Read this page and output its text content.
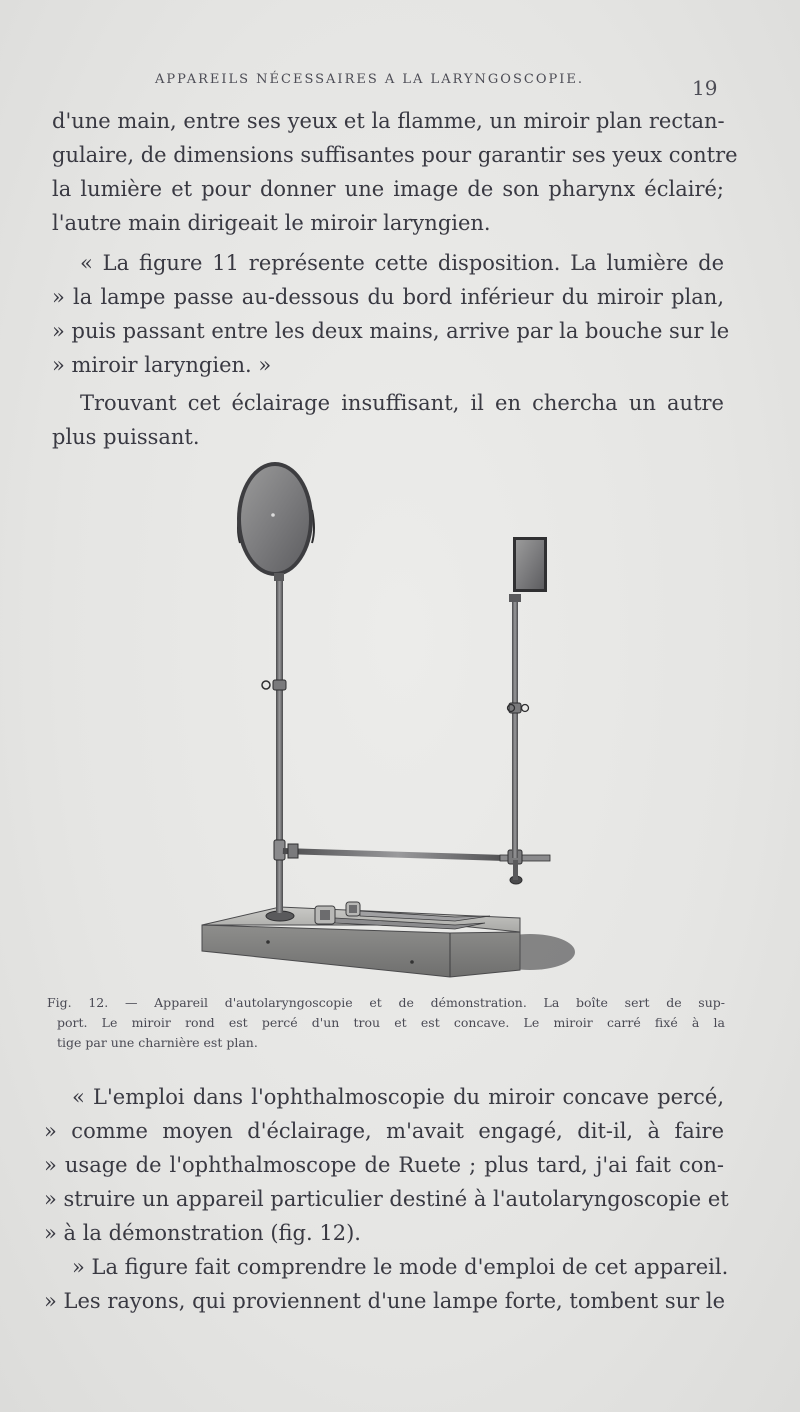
APPAREILS NÉCESSAIRES A LA LARYNGOSCOPIE.	19
d'une main, entre ses yeux et la flamme, un miroir plan rectan-
gulaire, de dimensions suffisantes pour garantir ses yeux contre
la lumière et pour donner une image de son pharynx éclairé;
l'autre main dirigeait le miroir laryngien.
« La figure 11 représente cette disposition. La lumière de
» la lampe passe au-dessous du bord inférieur du miroir plan,
» puis passant entre les deux mains, arrive par la bouche sur le
» miroir laryngien. »
Trouvant cet éclairage insuffisant, il en chercha un autre
plus puissant.
Fig. 12. — Appareil d'autolaryngoscopie et de démonstration. La boîte sert de sup-
port. Le miroir rond est percé d'un trou et est concave. Le miroir carré fixé à la
tige par une charnière est plan.
« L'emploi dans l'ophthalmoscopie du miroir concave percé,
» comme moyen d'éclairage, m'avait engagé, dit-il, à faire
» usage de l'ophthalmoscope de Ruete ; plus tard, j'ai fait con-
» struire un appareil particulier destiné à l'autolaryngoscopie et
» à la démonstration (fig. 12).
» La figure fait comprendre le mode d'emploi de cet appareil.
» Les rayons, qui proviennent d'une lampe forte, tombent sur le
